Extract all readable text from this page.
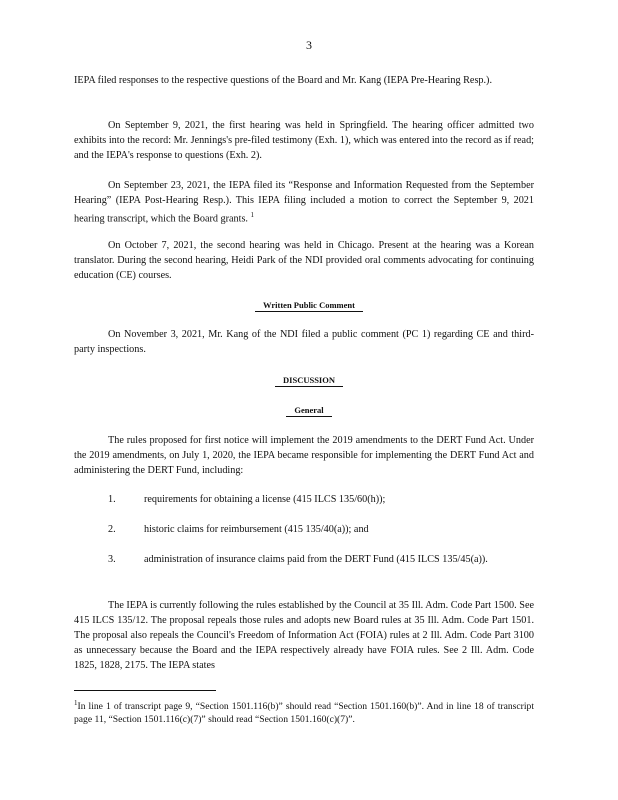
3
IEPA filed responses to the respective questions of the Board and Mr. Kang (IEPA Pre-Hearing Resp.).
On September 9, 2021, the first hearing was held in Springfield. The hearing officer admitted two exhibits into the record: Mr. Jennings's pre-filed testimony (Exh. 1), which was entered into the record as if read; and the IEPA's response to questions (Exh. 2).
On September 23, 2021, the IEPA filed its “Response and Information Requested from the September Hearing” (IEPA Post-Hearing Resp.). This IEPA filing included a motion to correct the September 9, 2021 hearing transcript, which the Board grants. $^1$
On October 7, 2021, the second hearing was held in Chicago. Present at the hearing was a Korean translator. During the second hearing, Heidi Park of the NDI provided oral comments advocating for continuing education (CE) courses.
Written Public Comment
On November 3, 2021, Mr. Kang of the NDI filed a public comment (PC 1) regarding CE and third-party inspections.
DISCUSSION
General
The rules proposed for first notice will implement the 2019 amendments to the DERT Fund Act. Under the 2019 amendments, on July 1, 2020, the IEPA became responsible for implementing the DERT Fund Act and administering the DERT Fund, including:
1.	requirements for obtaining a license (415 ILCS 135/60(h));
2.	historic claims for reimbursement (415 135/40(a)); and
3.	administration of insurance claims paid from the DERT Fund (415 ILCS 135/45(a)).
The IEPA is currently following the rules established by the Council at 35 Ill. Adm. Code Part 1500. See 415 ILCS 135/12. The proposal repeals those rules and adopts new Board rules at 35 Ill. Adm. Code Part 1501. The proposal also repeals the Council's Freedom of Information Act (FOIA) rules at 2 Ill. Adm. Code Part 3100 as unnecessary because the Board and the IEPA respectively already have FOIA rules. See 2 Ill. Adm. Code 1825, 1828, 2175. The IEPA states
$^1$In line 1 of transcript page 9, “Section 1501.116(b)” should read “Section 1501.160(b)”. And in line 18 of transcript page 11, “Section 1501.116(c)(7)” should read “Section 1501.160(c)(7)”.
